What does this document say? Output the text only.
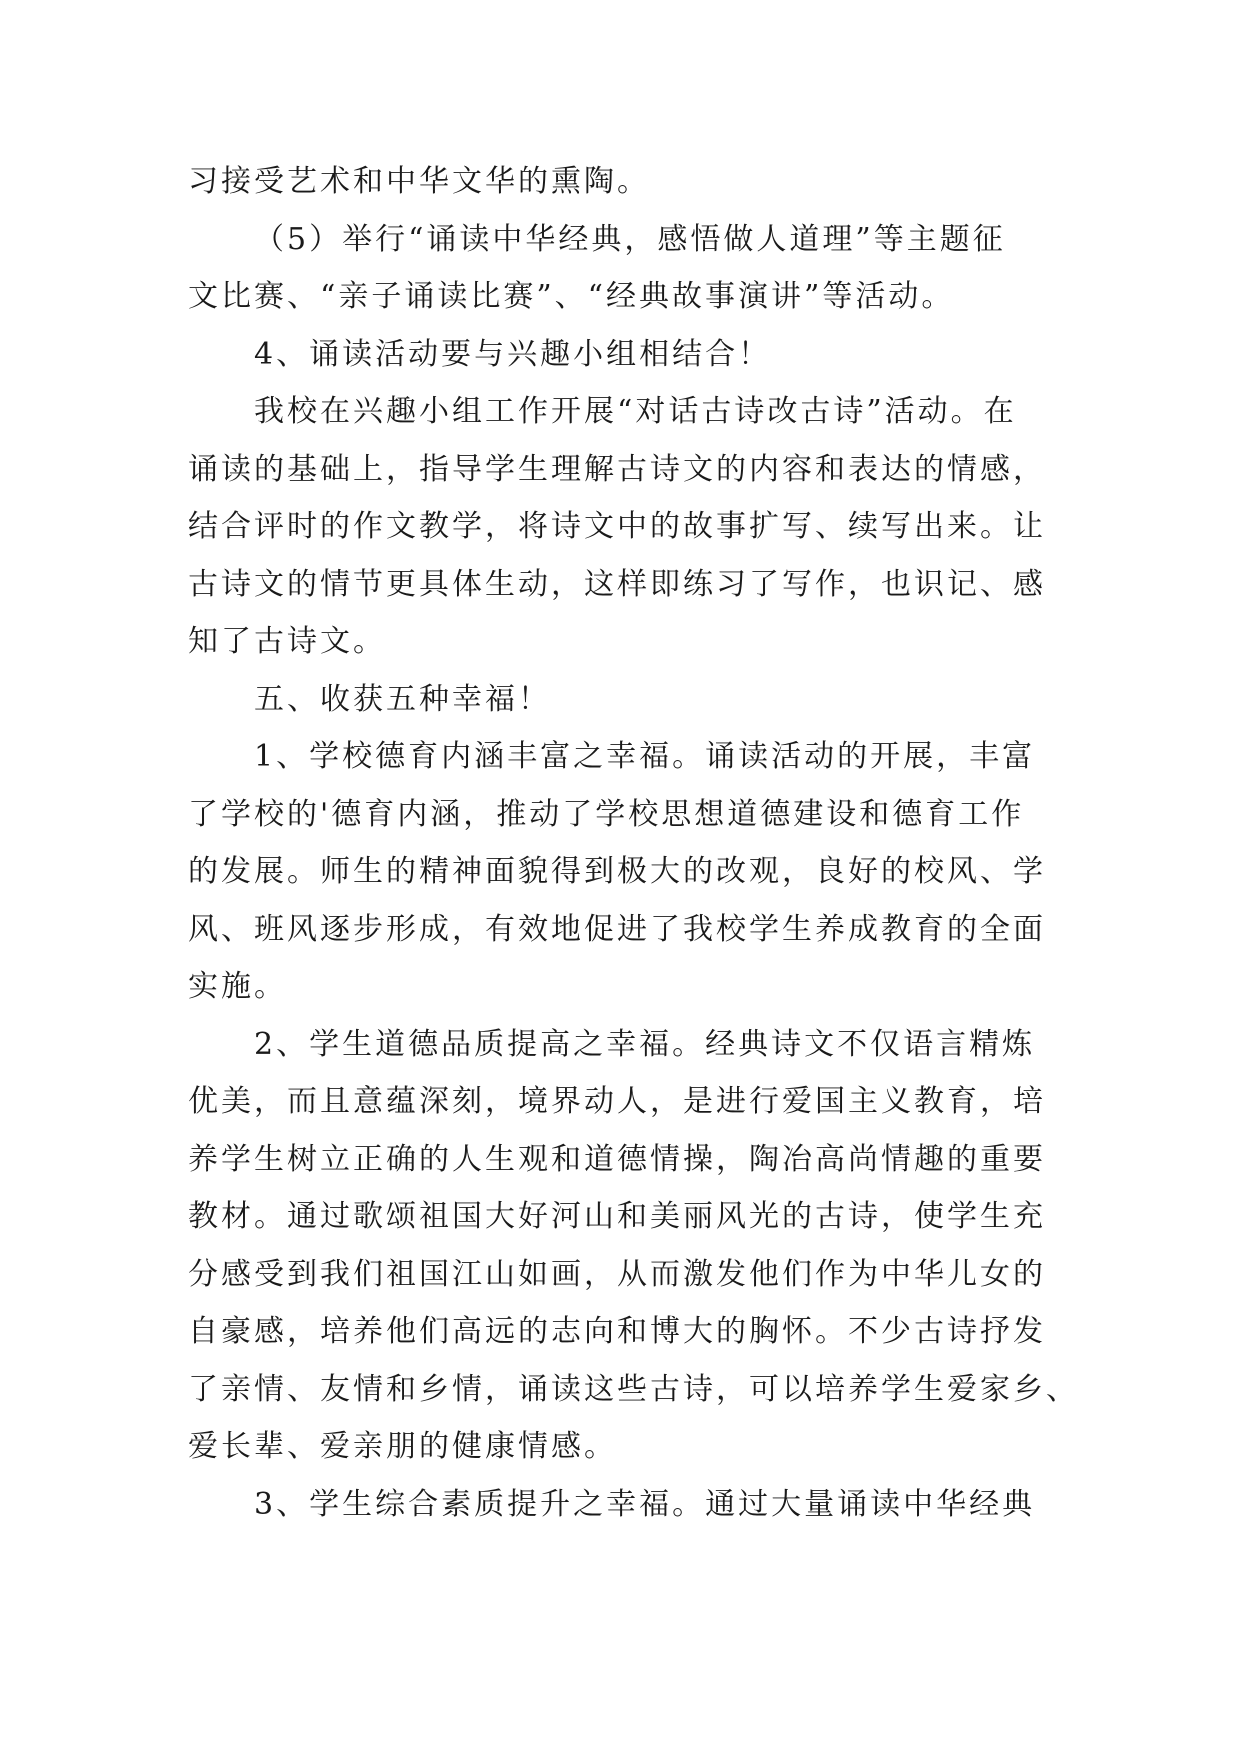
习接受艺术和中华文华的熏陶。
（5）举行“诵读中华经典，感悟做人道理”等主题征
文比赛、“亲子诵读比赛”、“经典故事演讲”等活动。
4、诵读活动要与兴趣小组相结合！
我校在兴趣小组工作开展“对话古诗改古诗”活动。在
诵读的基础上，指导学生理解古诗文的内容和表达的情感，
结合评时的作文教学，将诗文中的故事扩写、续写出来。让
古诗文的情节更具体生动，这样即练习了写作，也识记、感
知了古诗文。
五、收获五种幸福！
1、学校德育内涵丰富之幸福。诵读活动的开展，丰富
了学校的'德育内涵，推动了学校思想道德建设和德育工作
的发展。师生的精神面貌得到极大的改观，良好的校风、学
风、班风逐步形成，有效地促进了我校学生养成教育的全面
实施。
2、学生道德品质提高之幸福。经典诗文不仅语言精炼
优美，而且意蕴深刻，境界动人，是进行爱国主义教育，培
养学生树立正确的人生观和道德情操，陶冶高尚情趣的重要
教材。通过歌颂祖国大好河山和美丽风光的古诗，使学生充
分感受到我们祖国江山如画，从而激发他们作为中华儿女的
自豪感，培养他们高远的志向和博大的胸怀。不少古诗抒发
了亲情、友情和乡情，诵读这些古诗，可以培养学生爱家乡、
爱长辈、爱亲朋的健康情感。
3、学生综合素质提升之幸福。通过大量诵读中华经典
